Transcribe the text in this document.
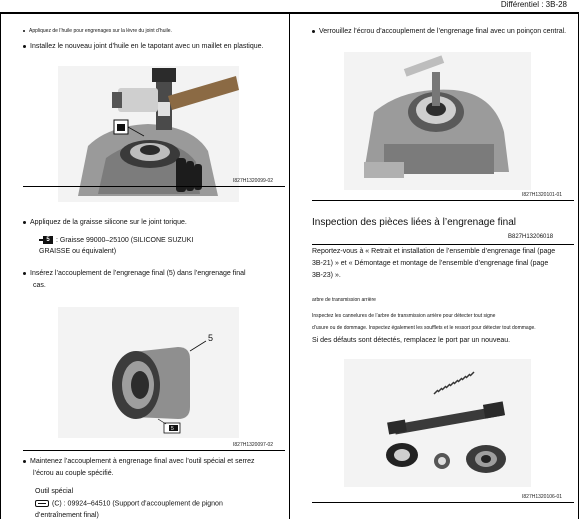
Différentiel : 3B-28
Appliquez de l’huile pour engrenages sur la lèvre du joint d’huile.
Installez le nouveau joint d’huile en le tapotant avec un maillet en plastique.
I827H1320099-02
Appliquez de la graisse silicone sur le joint torique.
5 : Graisse 99000–25100 (SILICONE SUZUKI
GRAISSE ou équivalent)
Insérez l’accouplement de l’engrenage final (5) dans l’engrenage final
cas.
5
5
I827H1320097-02
Maintenez l’accouplement à engrenage final avec l’outil spécial et serrez
l’écrou au couple spécifié.
Outil spécial
(C) : 09924–64510 (Support d’accouplement de pignon
d’entraînement final)
Verrouillez l’écrou d’accouplement de l’engrenage final avec un poinçon central.
I827H1320101-01
Inspection des pièces liées à l’engrenage final
B827H13206018
Reportez-vous à « Retrait et installation de l’ensemble d’engrenage final (page
3B-21) » et « Démontage et montage de l’ensemble d’engrenage final (page
3B-23) ».
arbre de transmission arrière
Inspectez les cannelures de l’arbre de transmission arrière pour détecter tout signe
d’usure ou de dommage. Inspectez également les soufflets et le ressort pour détecter tout dommage.
Si des défauts sont détectés, remplacez le port par un nouveau.
I827H1320106-01
